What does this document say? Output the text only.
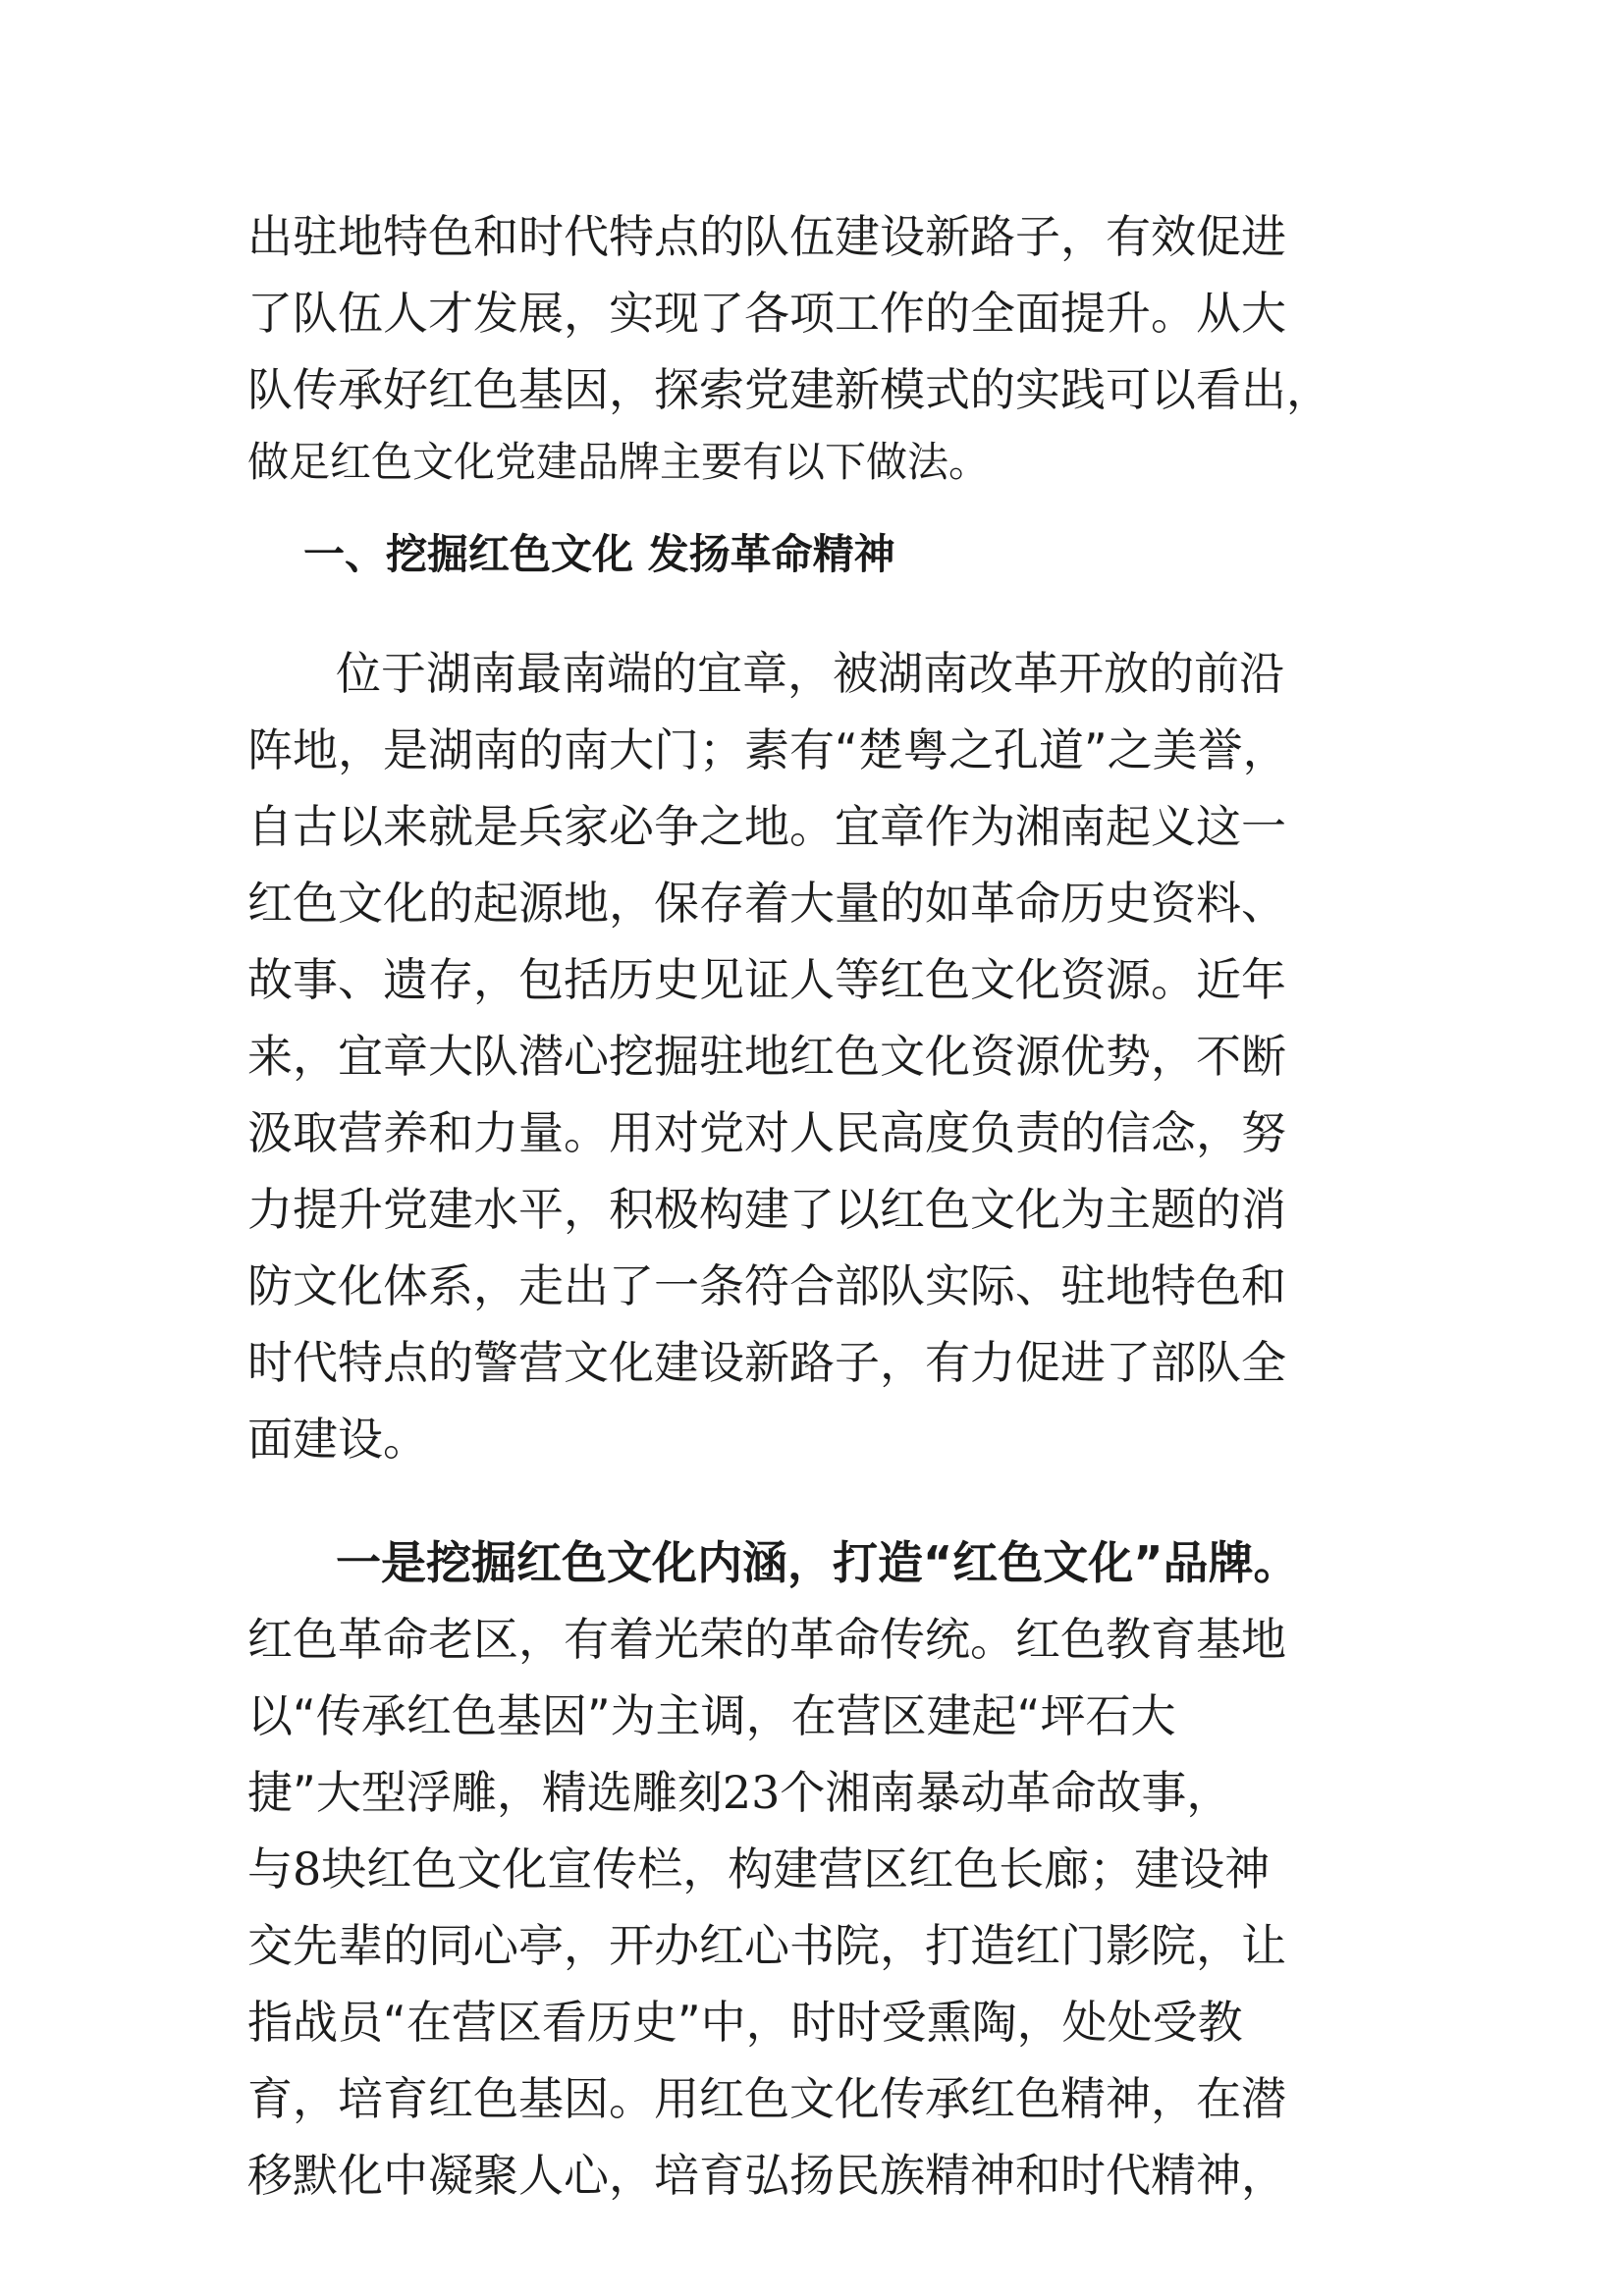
出驻地特色和时代特点的队伍建设新路子，有效促进

了队伍人才发展，实现了各项工作的全面提升。从大

队传承好红色基因，探索党建新模式的实践可以看出，

做足红色文化党建品牌主要有以下做法。

一、挖掘红色文化 发扬革命精神

位于湖南最南端的宜章，被湖南改革开放的前沿

阵地，是湖南的南大门；素有“楚粤之孔道”之美誉，

自古以来就是兵家必争之地。宜章作为湘南起义这一

红色文化的起源地，保存着大量的如革命历史资料、

故事、遗存，包括历史见证人等红色文化资源。近年

来，宜章大队潜心挖掘驻地红色文化资源优势，不断

汲取营养和力量。用对党对人民高度负责的信念，努

力提升党建水平，积极构建了以红色文化为主题的消

防文化体系，走出了一条符合部队实际、驻地特色和

时代特点的警营文化建设新路子，有力促进了部队全

面建设。

一是挖掘红色文化内涵，打造“红色文化”品牌。

红色革命老区，有着光荣的革命传统。红色教育基地

以“传承红色基因”为主调，在营区建起“坪石大

捷”大型浮雕，精选雕刻23个湘南暴动革命故事，

与8块红色文化宣传栏，构建营区红色长廊；建设神

交先辈的同心亭，开办红心书院，打造红门影院，让

指战员“在营区看历史”中，时时受熏陶，处处受教

育，培育红色基因。用红色文化传承红色精神，在潜

移默化中凝聚人心，培育弘扬民族精神和时代精神，
